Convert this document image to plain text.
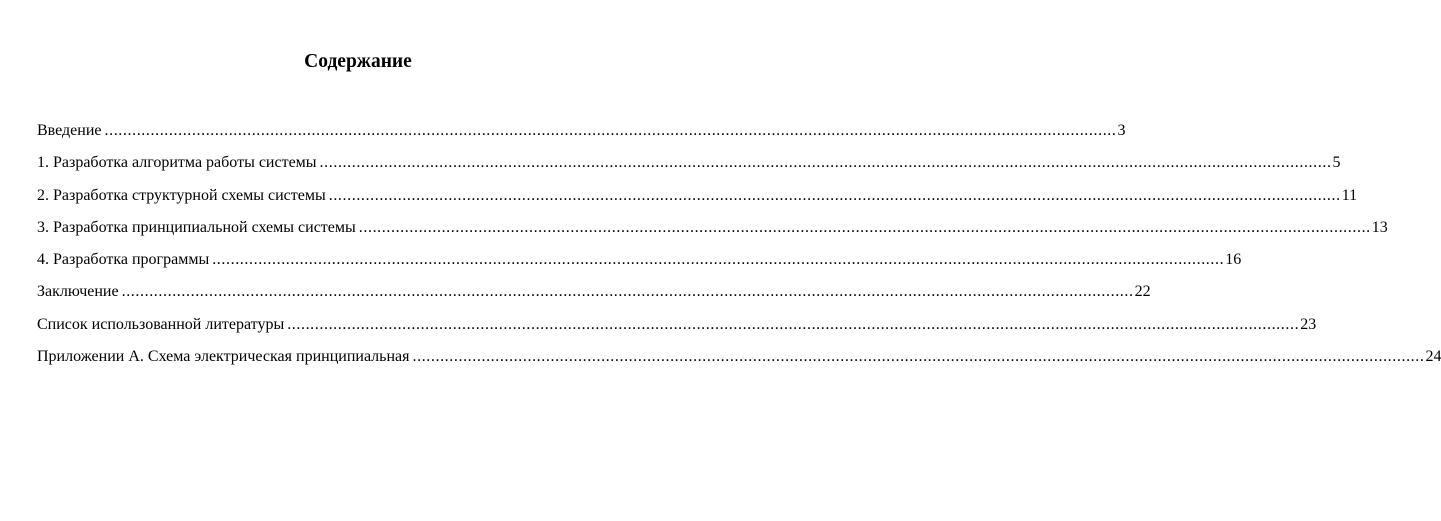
Содержание
Введение ............................................................................................................................................................................................................................ 3
1. Разработка алгоритма работы системы ............................................................................................................................................................................................................................ 5
2. Разработка структурной схемы системы ............................................................................................................................................................................................................................ 11
3. Разработка принципиальной схемы системы ............................................................................................................................................................................................................................ 13
4. Разработка программы ............................................................................................................................................................................................................................ 16
Заключение ............................................................................................................................................................................................................................ 22
Список использованной литературы ............................................................................................................................................................................................................................ 23
Приложении А. Схема электрическая принципиальная ............................................................................................................................................................................................................................ 24
